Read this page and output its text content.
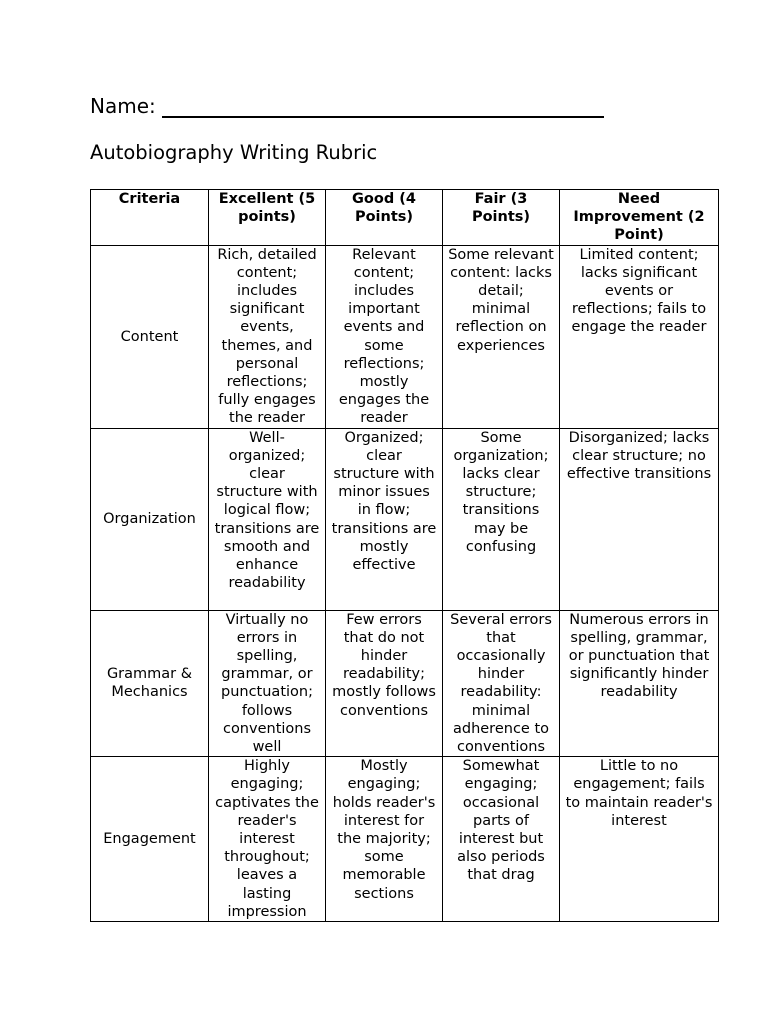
Name:
Autobiography Writing Rubric
Criteria	Excellent (5 points)	Good (4 Points)	Fair (3 Points)	Need Improvement (2 Point)
Content	Rich, detailed content; includes significant events, themes, and personal reflections; fully engages the reader	Relevant content; includes important events and some reflections; mostly engages the reader	Some relevant content: lacks detail; minimal reflection on experiences	Limited content; lacks significant events or reflections; fails to engage the reader
Organization	Well-organized; clear structure with logical flow; transitions are smooth and enhance readability	Organized; clear structure with minor issues in flow; transitions are mostly effective	Some organization; lacks clear structure; transitions may be confusing	Disorganized; lacks clear structure; no effective transitions
Grammar & Mechanics	Virtually no errors in spelling, grammar, or punctuation; follows conventions well	Few errors that do not hinder readability; mostly follows conventions	Several errors that occasionally hinder readability: minimal adherence to conventions	Numerous errors in spelling, grammar, or punctuation that significantly hinder readability
Engagement	Highly engaging; captivates the reader's interest throughout; leaves a lasting impression	Mostly engaging; holds reader's interest for the majority; some memorable sections	Somewhat engaging; occasional parts of interest but also periods that drag	Little to no engagement; fails to maintain reader's interest
